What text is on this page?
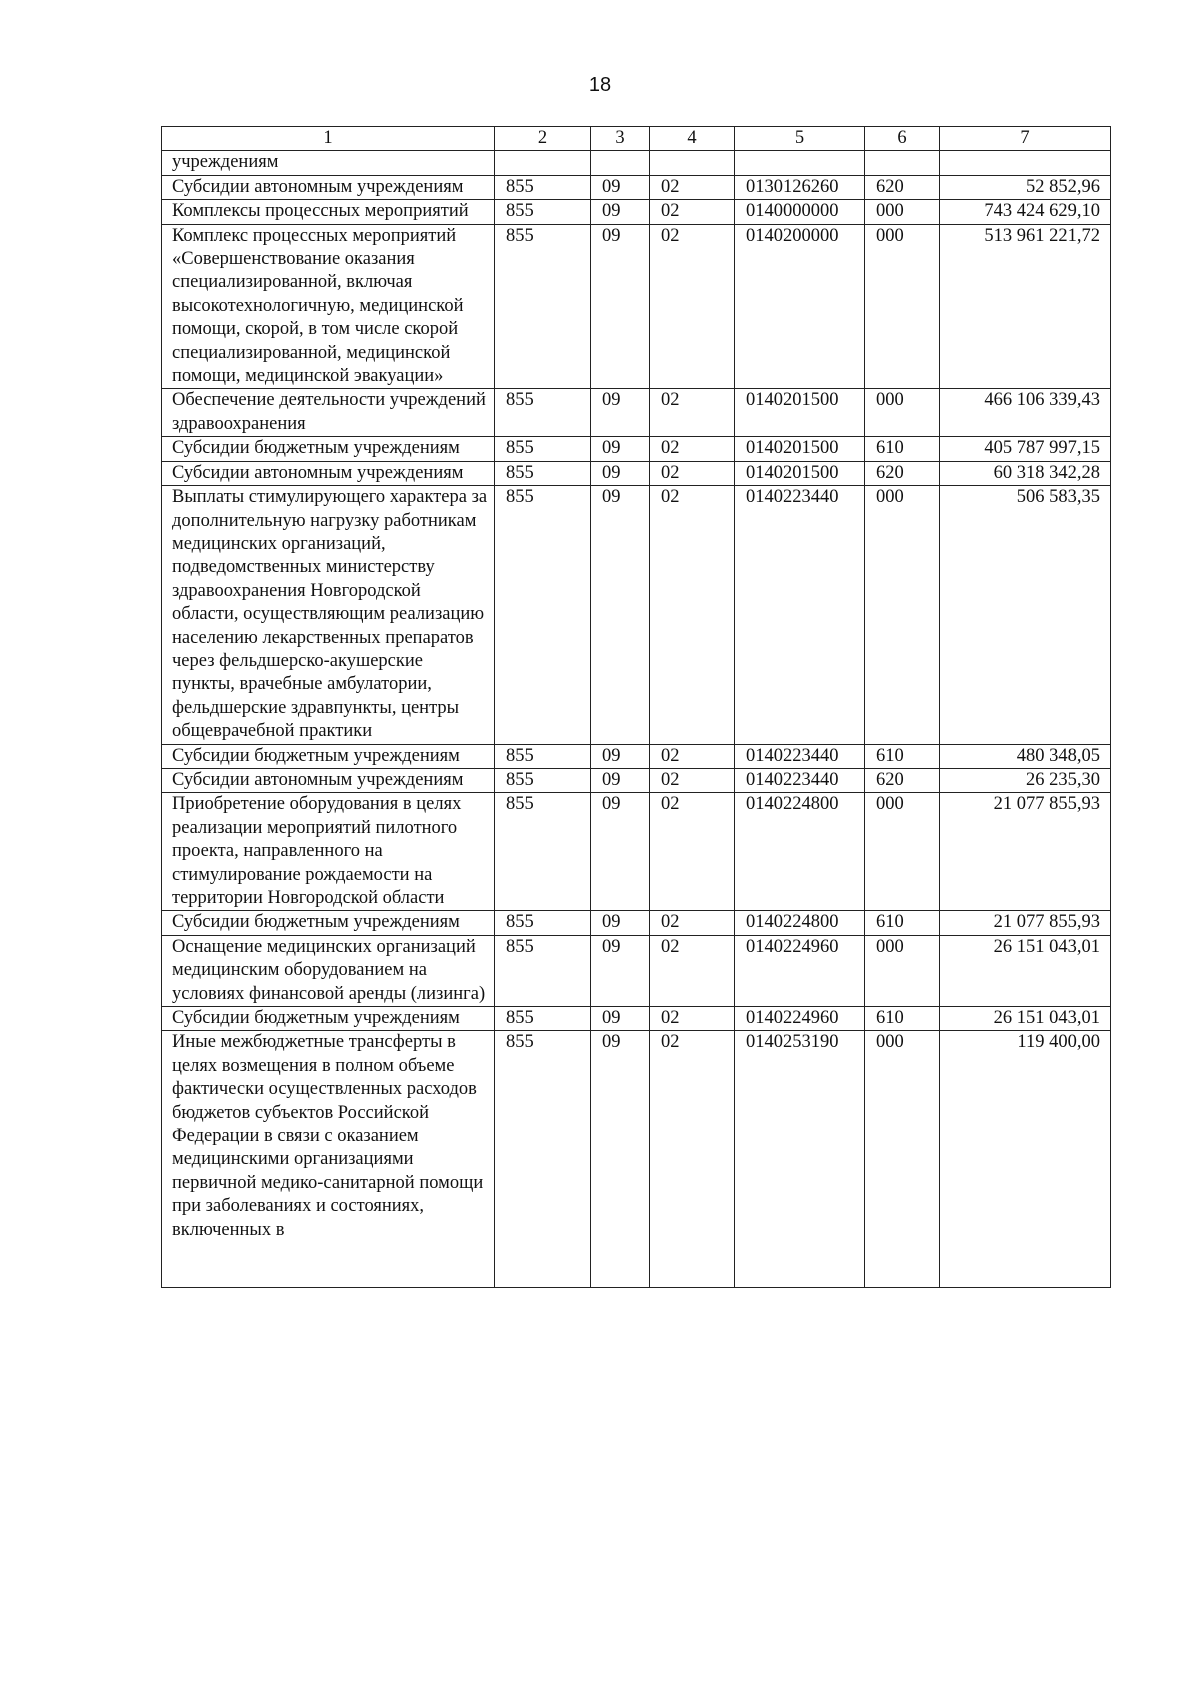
18
1	2	3	4	5	6	7
учреждениям						
Субсидии автономным учреждениям	855	09	02	0130126260	620	52 852,96
Комплексы процессных мероприятий	855	09	02	0140000000	000	743 424 629,10
Комплекс процессных мероприятий «Совершенствование оказания специализированной, включая высокотехнологичную, медицинской помощи, скорой, в том числе скорой специализированной, медицинской помощи, медицинской эвакуации»	855	09	02	0140200000	000	513 961 221,72
Обеспечение деятельности учреждений здравоохранения	855	09	02	0140201500	000	466 106 339,43
Субсидии бюджетным учреждениям	855	09	02	0140201500	610	405 787 997,15
Субсидии автономным учреждениям	855	09	02	0140201500	620	60 318 342,28
Выплаты стимулирующего характера за дополнительную нагрузку работникам медицинских организаций, подведомственных министерству здравоохранения Новгородской области, осуществляющим реализацию населению лекарственных препаратов через фельдшерско-акушерские пункты, врачебные амбулатории, фельдшерские здравпункты, центры общеврачебной практики	855	09	02	0140223440	000	506 583,35
Субсидии бюджетным учреждениям	855	09	02	0140223440	610	480 348,05
Субсидии автономным учреждениям	855	09	02	0140223440	620	26 235,30
Приобретение оборудования в целях реализации мероприятий пилотного проекта, направленного на стимулирование рождаемости на территории Новгородской области	855	09	02	0140224800	000	21 077 855,93
Субсидии бюджетным учреждениям	855	09	02	0140224800	610	21 077 855,93
Оснащение медицинских организаций медицинским оборудованием на условиях финансовой аренды (лизинга)	855	09	02	0140224960	000	26 151 043,01
Субсидии бюджетным учреждениям	855	09	02	0140224960	610	26 151 043,01
Иные межбюджетные трансферты в целях возмещения в полном объеме фактически осуществленных расходов бюджетов субъектов Российской Федерации в связи с оказанием медицинскими организациями первичной медико-санитарной помощи при заболеваниях и состояниях, включенных в	855	09	02	0140253190	000	119 400,00
